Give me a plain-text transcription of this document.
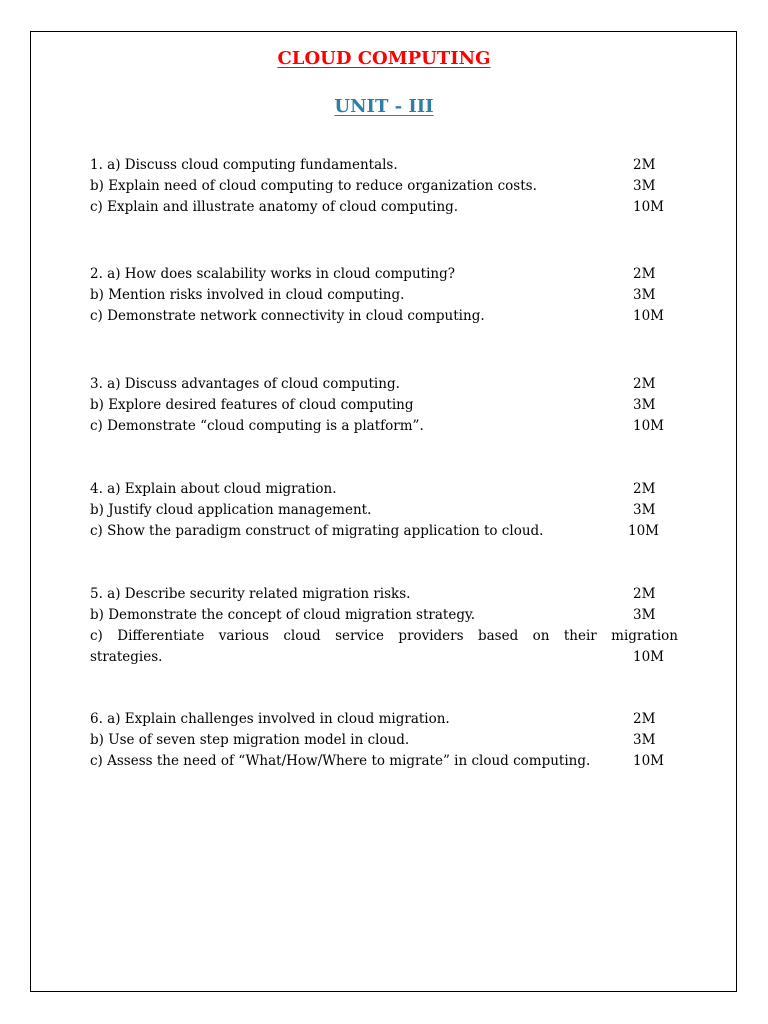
CLOUD COMPUTING
UNIT - III
1. a) Discuss cloud computing fundamentals.	2M
b) Explain need of cloud computing to reduce organization costs.	3M
c) Explain and illustrate anatomy of cloud computing.	10M
2. a) How does scalability works in cloud computing?	2M
b) Mention risks involved in cloud computing.	3M
c) Demonstrate network connectivity in cloud computing.	10M
3. a) Discuss advantages of cloud computing.	2M
b) Explore desired features of cloud computing	3M
c) Demonstrate “cloud computing is a platform”.	10M
4. a) Explain about cloud migration.	2M
b) Justify cloud application management.	3M
c) Show the paradigm construct of migrating application to cloud.	10M
5. a) Describe security related migration risks.	2M
b) Demonstrate the concept of cloud migration strategy.	3M
c) Differentiate various cloud service providers based on their migration
strategies.	10M
6. a) Explain challenges involved in cloud migration.	2M
b) Use of seven step migration model in cloud.	3M
c) Assess the need of “What/How/Where to migrate” in cloud computing.	10M
